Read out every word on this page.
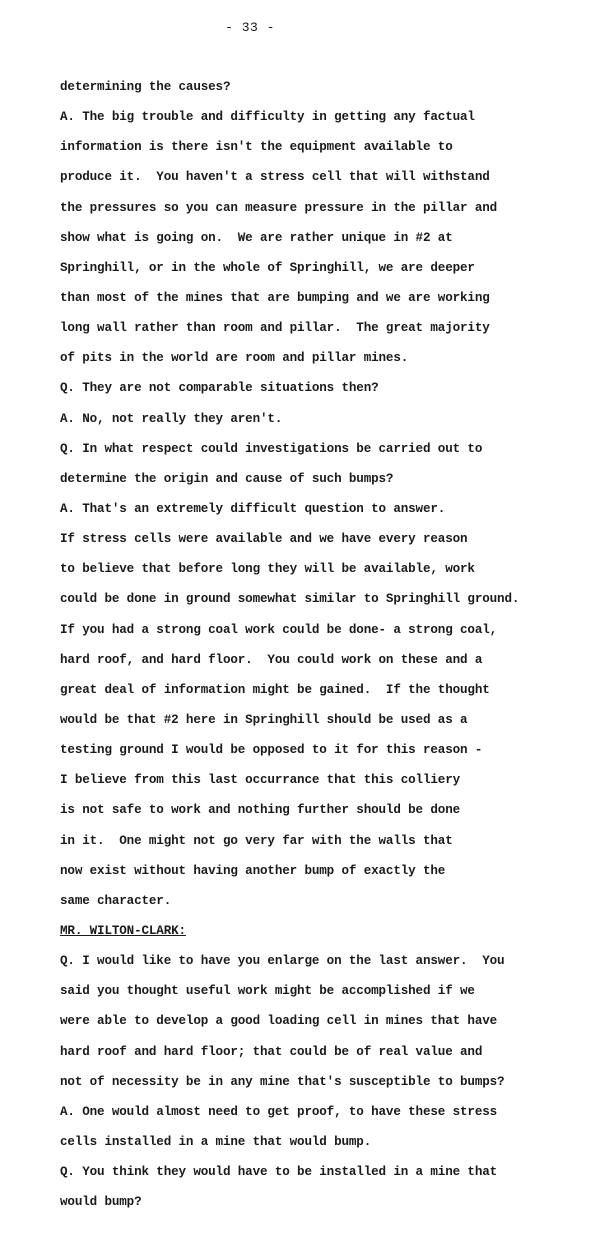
- 33 -
determining the causes?
A. The big trouble and difficulty in getting any factual
information is there isn't the equipment available to
produce it.  You haven't a stress cell that will withstand
the pressures so you can measure pressure in the pillar and
show what is going on.  We are rather unique in #2 at
Springhill, or in the whole of Springhill, we are deeper
than most of the mines that are bumping and we are working
long wall rather than room and pillar.  The great majority
of pits in the world are room and pillar mines.
Q. They are not comparable situations then?
A. No, not really they aren't.
Q. In what respect could investigations be carried out to
determine the origin and cause of such bumps?
A. That's an extremely difficult question to answer.
If stress cells were available and we have every reason
to believe that before long they will be available, work
could be done in ground somewhat similar to Springhill ground.
If you had a strong coal work could be done- a strong coal,
hard roof, and hard floor.  You could work on these and a
great deal of information might be gained.  If the thought
would be that #2 here in Springhill should be used as a
testing ground I would be opposed to it for this reason -
I believe from this last occurrance that this colliery
is not safe to work and nothing further should be done
in it.  One might not go very far with the walls that
now exist without having another bump of exactly the
same character.
MR. WILTON-CLARK:
Q. I would like to have you enlarge on the last answer.  You
said you thought useful work might be accomplished if we
were able to develop a good loading cell in mines that have
hard roof and hard floor; that could be of real value and
not of necessity be in any mine that's susceptible to bumps?
A. One would almost need to get proof, to have these stress
cells installed in a mine that would bump.
Q. You think they would have to be installed in a mine that
would bump?
